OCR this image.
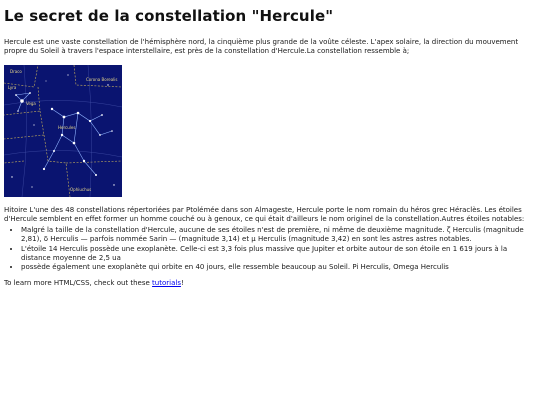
Le secret de la constellation "Hercule"

Hercule est une vaste constellation de l'hémisphère nord, la cinquième plus grande de la voûte céleste. L'apex solaire, la direction du mouvement propre du Soleil à travers l'espace interstellaire, est près de la constellation d'Hercule.La constellation ressemble à;

Lyra
Vega
Hercules
Corona Borealis
Draco
Ophiuchus

Hitoire L'une des 48 constellations répertoriées par Ptolémée dans son Almageste, Hercule porte le nom romain du héros grec Héraclès. Les étoiles d'Hercule semblent en effet former un homme couché ou à genoux, ce qui était d'ailleurs le nom originel de la constellation.Autres étoiles notables:

• Malgré la taille de la constellation d'Hercule, aucune de ses étoiles n'est de première, ni même de deuxième magnitude. ζ Herculis (magnitude 2,81), δ Herculis — parfois nommée Sarin — (magnitude 3,14) et μ Herculis (magnitude 3,42) en sont les astres astres notables.
• L'étoile 14 Herculis possède une exoplanète. Celle-ci est 3,3 fois plus massive que Jupiter et orbite autour de son étoile en 1 619 jours à la distance moyenne de 2,5 ua
• possède également une exoplanète qui orbite en 40 jours, elle ressemble beaucoup au Soleil. Pi Herculis, Omega Herculis

To learn more HTML/CSS, check out these tutorials!
